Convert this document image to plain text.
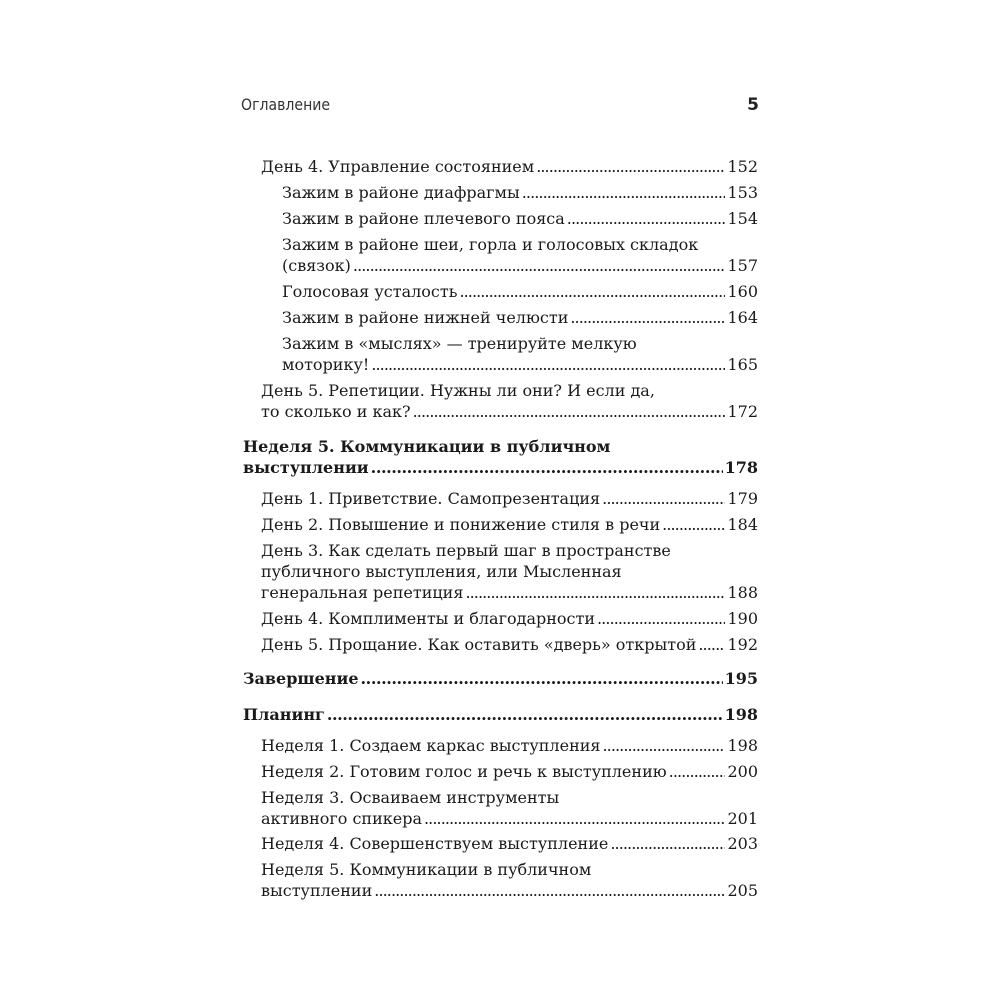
Оглавление	5
День 4. Управление состоянием . . .	152
Зажим в районе диафрагмы . . .	153
Зажим в районе плечевого пояса . . .	154
Зажим в районе шеи, горла и голосовых складок
(связок) . . .	157
Голосовая усталость . . .	160
Зажим в районе нижней челюсти . . .	164
Зажим в «мыслях» — тренируйте мелкую
моторику! . . .	165
День 5. Репетиции. Нужны ли они? И если да,
то сколько и как? . . .	172
Неделя 5. Коммуникации в публичном
выступлении . . .	178
День 1. Приветствие. Самопрезентация . . .	179
День 2. Повышение и понижение стиля в речи . . .	184
День 3. Как сделать первый шаг в пространстве
публичного выступления, или Мысленная
генеральная репетиция . . .	188
День 4. Комплименты и благодарности . . .	190
День 5. Прощание. Как оставить «дверь» открытой . . . 192
Завершение . . .	195
Планинг . . .	198
Неделя 1. Создаем каркас выступления . . .	198
Неделя 2. Готовим голос и речь к выступлению . . .	200
Неделя 3. Осваиваем инструменты
активного спикера . . .	201
Неделя 4. Совершенствуем выступление . . .	203
Неделя 5. Коммуникации в публичном
выступлении . . .	205
